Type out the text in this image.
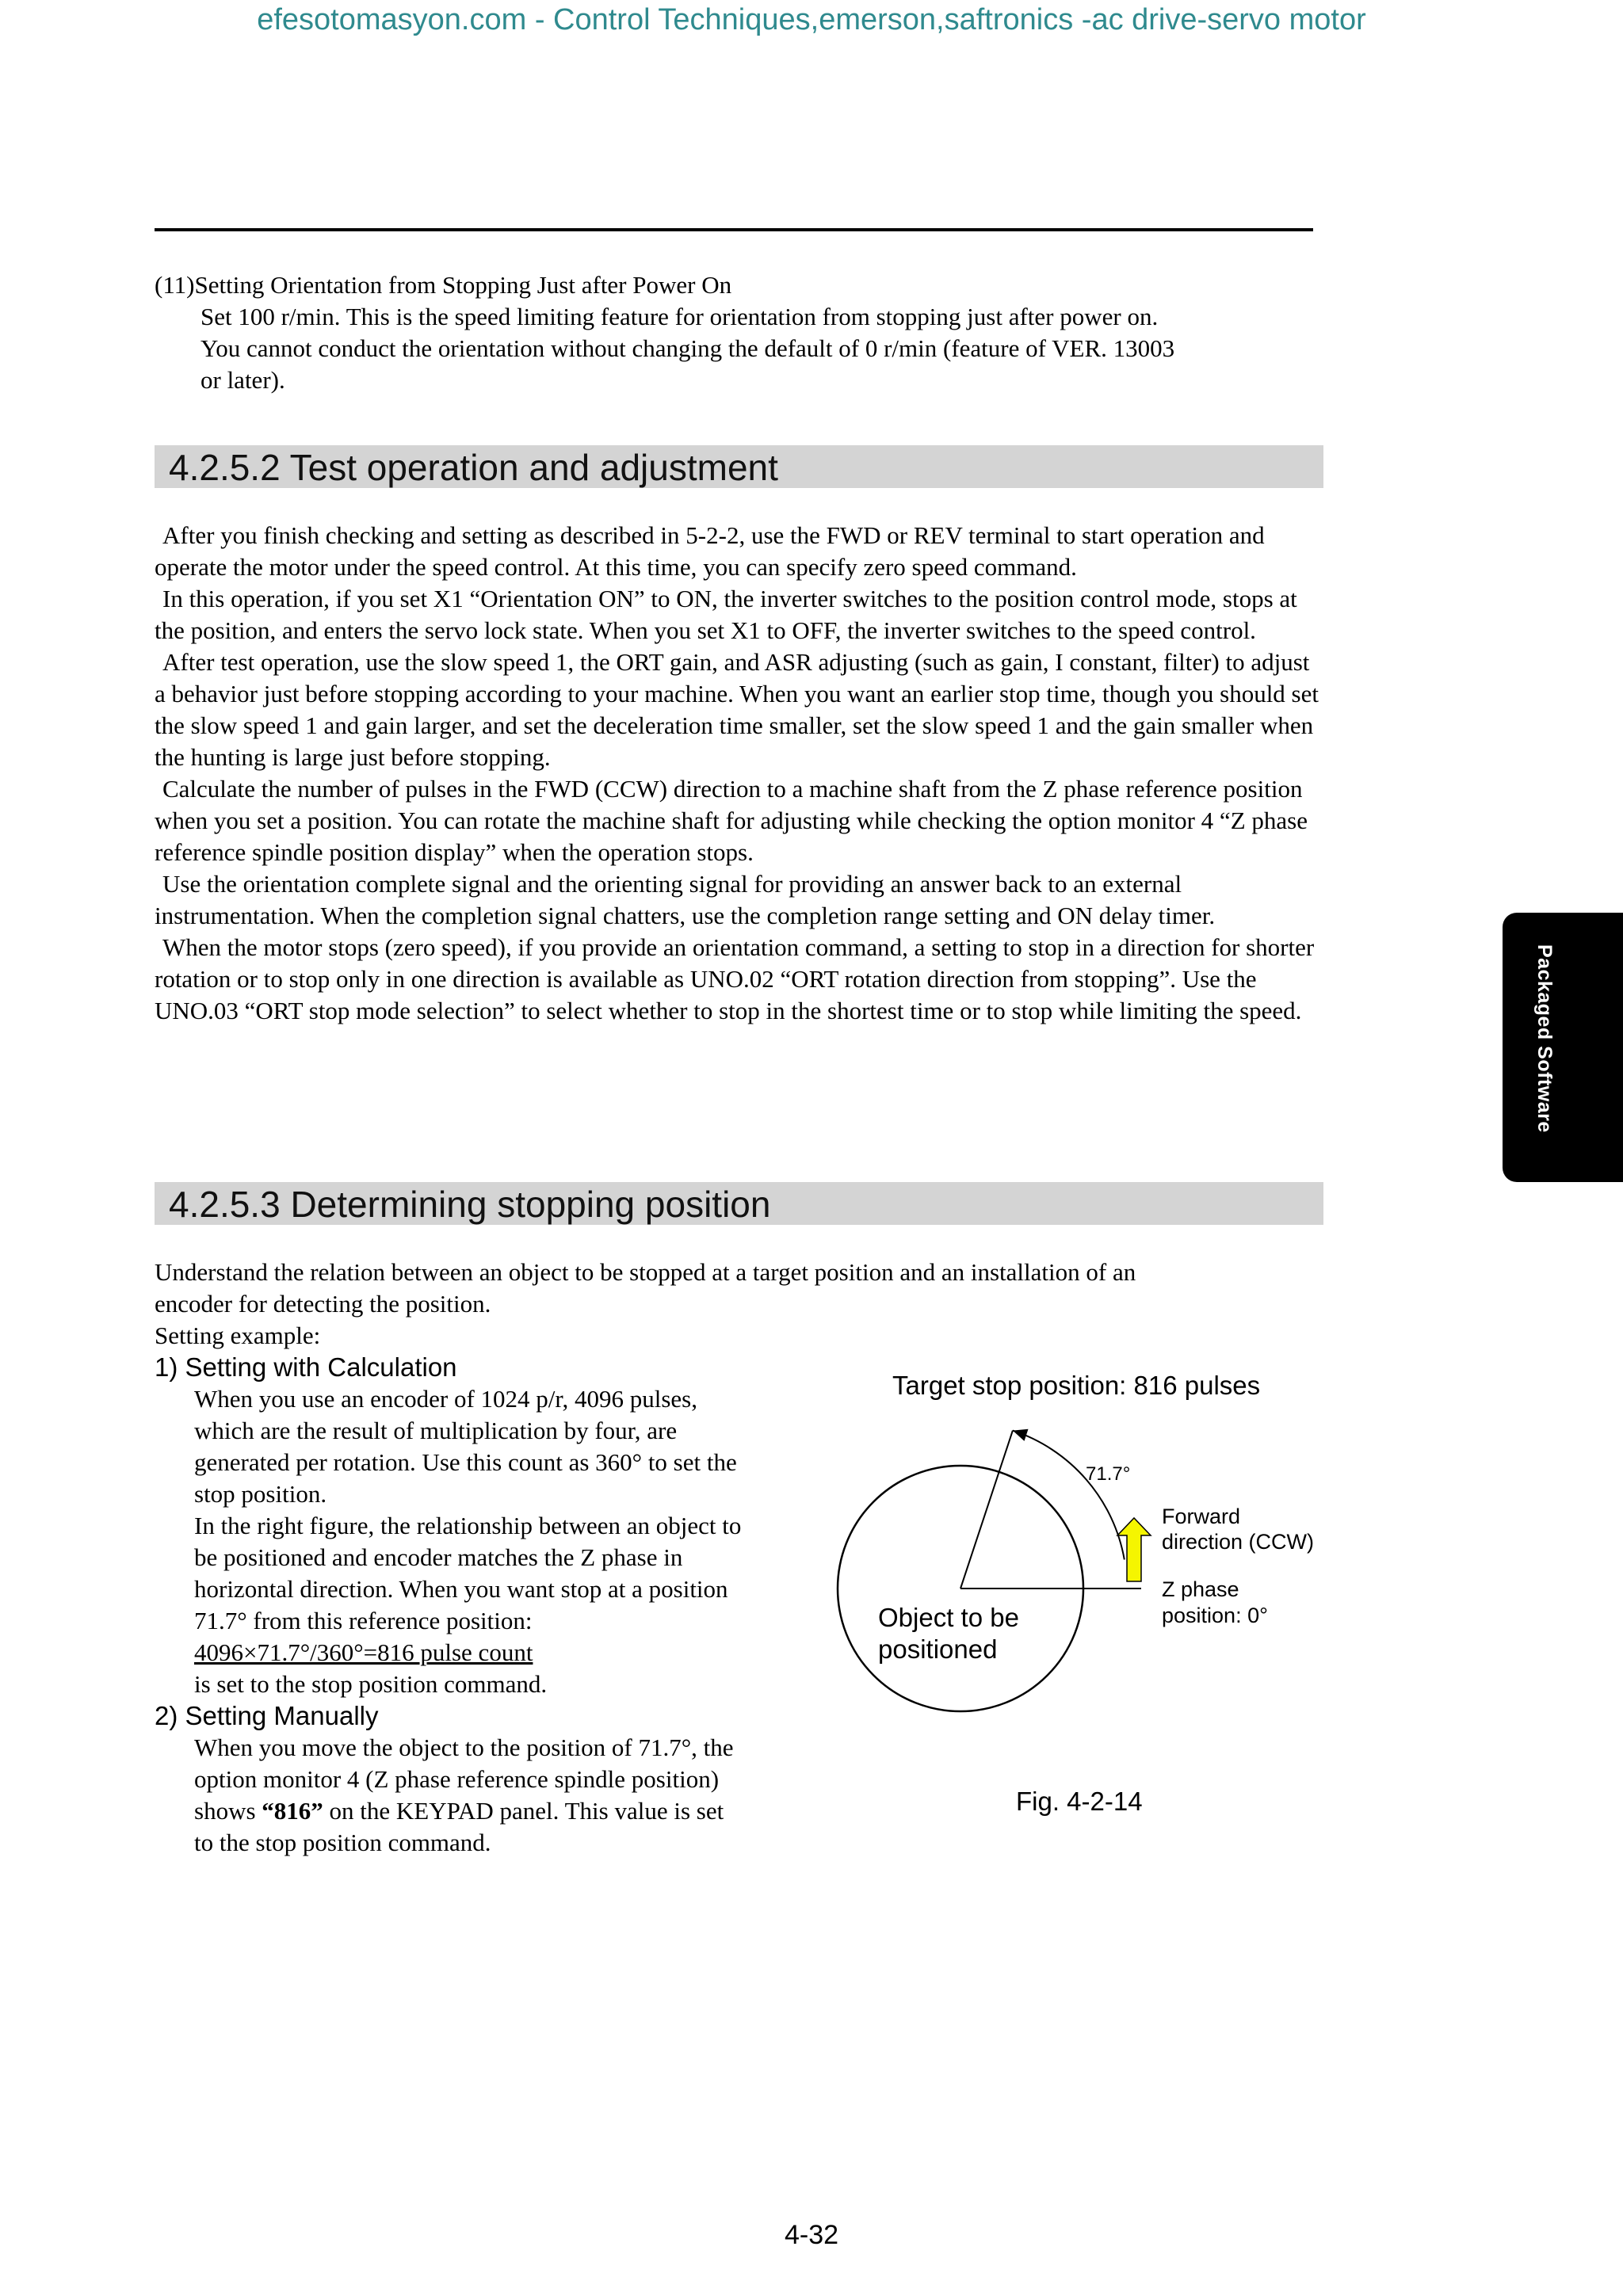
efesotomasyon.com - Control Techniques,emerson,saftronics -ac drive-servo motor

(11)Setting Orientation from Stopping Just after Power On

Set 100 r/min. This is the speed limiting feature for orientation from stopping just after power on.

You cannot conduct the orientation without changing the default of 0 r/min (feature of VER. 13003

or later).

4.2.5.2 Test operation and adjustment

After you finish checking and setting as described in 5-2-2, use the FWD or REV terminal to start operation and operate the motor under the speed control. At this time, you can specify zero speed command.

In this operation, if you set X1 “Orientation ON” to ON, the inverter switches to the position control mode, stops at the position, and enters the servo lock state. When you set X1 to OFF, the inverter switches to the speed control.

After test operation, use the slow speed 1, the ORT gain, and ASR adjusting (such as gain, I constant, filter) to adjust a behavior just before stopping according to your machine. When you want an earlier stop time, though you should set the slow speed 1 and gain larger, and set the deceleration time smaller, set the slow speed 1 and the gain smaller when the hunting is large just before stopping.

Calculate the number of pulses in the FWD (CCW) direction to a machine shaft from the Z phase reference position when you set a position. You can rotate the machine shaft for adjusting while checking the option monitor 4 “Z phase reference spindle position display” when the operation stops.

Use the orientation complete signal and the orienting signal for providing an answer back to an external instrumentation. When the completion signal chatters, use the completion range setting and ON delay timer.

When the motor stops (zero speed), if you provide an orientation command, a setting to stop in a direction for shorter rotation or to stop only in one direction is available as UNO.02 “ORT rotation direction from stopping”. Use the UNO.03 “ORT stop mode selection” to select whether to stop in the shortest time or to stop while limiting the speed.

4.2.5.3 Determining stopping position

Understand the relation between an object to be stopped at a target position and an installation of an

encoder for detecting the position.

Setting example:

1) Setting with Calculation

When you use an encoder of 1024 p/r, 4096 pulses,

which are the result of multiplication by four, are

generated per rotation. Use this count as 360° to set the

stop position.

In the right figure, the relationship between an object to

be positioned and encoder matches the Z phase in

horizontal direction. When you want stop at a position

71.7° from this reference position:

4096×71.7°/360°=816 pulse count

is set to the stop position command.

2) Setting Manually

When you move the object to the position of 71.7°, the

option monitor 4 (Z phase reference spindle position)

shows “816” on the KEYPAD panel. This value is set

to the stop position command.

Target stop position: 816 pulses
71.7°
Forward
direction (CCW)
Z phase
position: 0°
Object to be
positioned
Fig. 4-2-14
Packaged Software
4-32
